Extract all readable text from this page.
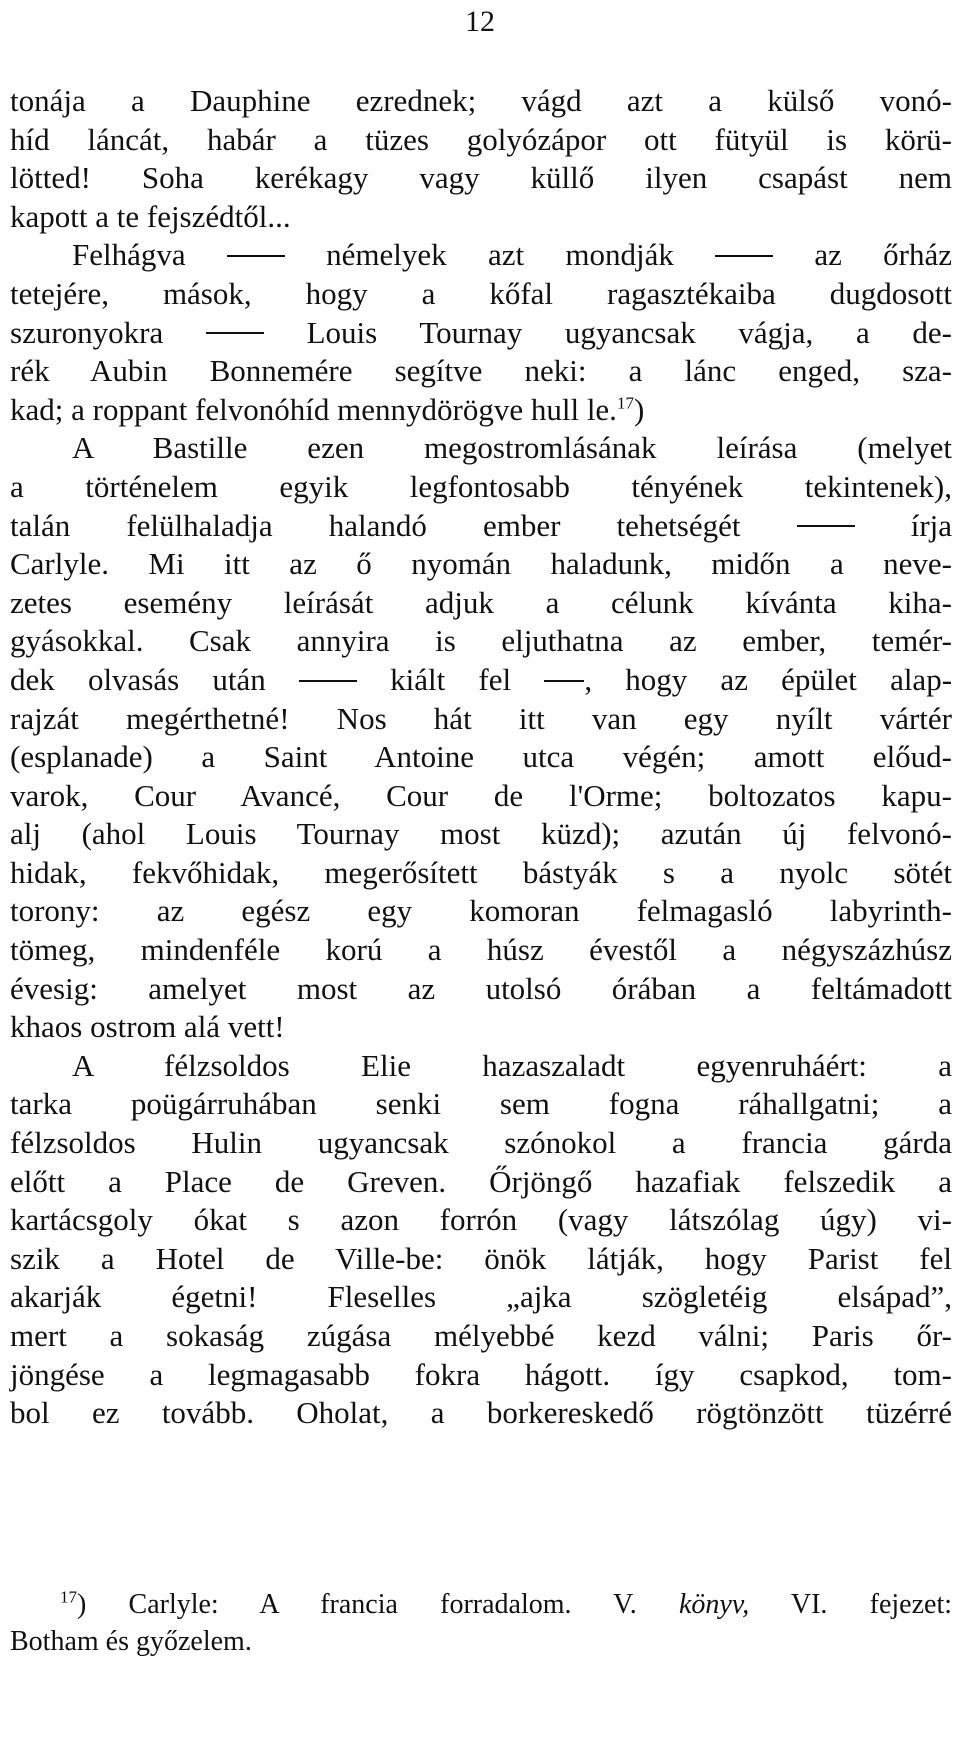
12
tonája a Dauphine ezrednek; vágd azt a külső vonó-
híd láncát, habár a tüzes golyózápor ott fütyül is körü-
lötted! Soha kerékagy vagy küllő ilyen csapást nem
kapott a te fejszédtől...
Felhágva	némelyek azt mondják	az őrház
tetejére, mások, hogy a kőfal ragasztékaiba dugdosott
szuronyokra	Louis Tournay ugyancsak vágja, a de-
rék Aubin Bonnemére segítve neki: a lánc enged, sza-
kad; a roppant felvonóhíd mennydörögve hull le.$^{17}$)
A Bastille ezen megostromlásának leírása (melyet
a történelem egyik legfontosabb tényének tekintenek),
talán felülhaladja halandó ember tehetségét	írja
Carlyle. Mi itt az ő nyomán haladunk, midőn a neve-
zetes esemény leírását adjuk a célunk kívánta kiha-
gyásokkal. Csak annyira is eljuthatna az ember, temér-
dek olvasás után	kiált fel , hogy az épület alap-
rajzát megérthetné! Nos hát itt van egy nyílt vártér
(esplanade) a Saint Antoine utca végén; amott előud-
varok, Cour Avancé, Cour de l'Orme; boltozatos kapu-
alj (ahol Louis Tournay most küzd); azután új felvonó-
hidak, fekvőhidak, megerősített bástyák s a nyolc sötét
torony: az egész egy komoran felmagasló labyrinth-
tömeg, mindenféle korú a húsz évestől a négyszázhúsz
évesig: amelyet most az utolsó órában a feltámadott
khaos ostrom alá vett!
A félzsoldos Elie hazaszaladt egyenruháért: a
tarka poügárruhában senki sem fogna ráhallgatni; a
félzsoldos Hulin ugyancsak szónokol a francia gárda
előtt a Place de Greven. Őrjöngő hazafiak felszedik a
kartácsgoly ókat s azon forrón (vagy látszólag úgy) vi-
szik a Hotel de Ville-be: önök látják, hogy Parist fel
akarják égetni! Fleselles „ajka szögletéig elsápad”,
mert a sokaság zúgása mélyebbé kezd válni; Paris őr-
jöngése a legmagasabb fokra hágott. így csapkod, tom-
bol ez tovább. Oholat, a borkereskedő rögtönzött tüzérré
$^{17}$) Carlyle: A francia forradalom. V. könyv, VI. fejezet:
Botham és győzelem.
